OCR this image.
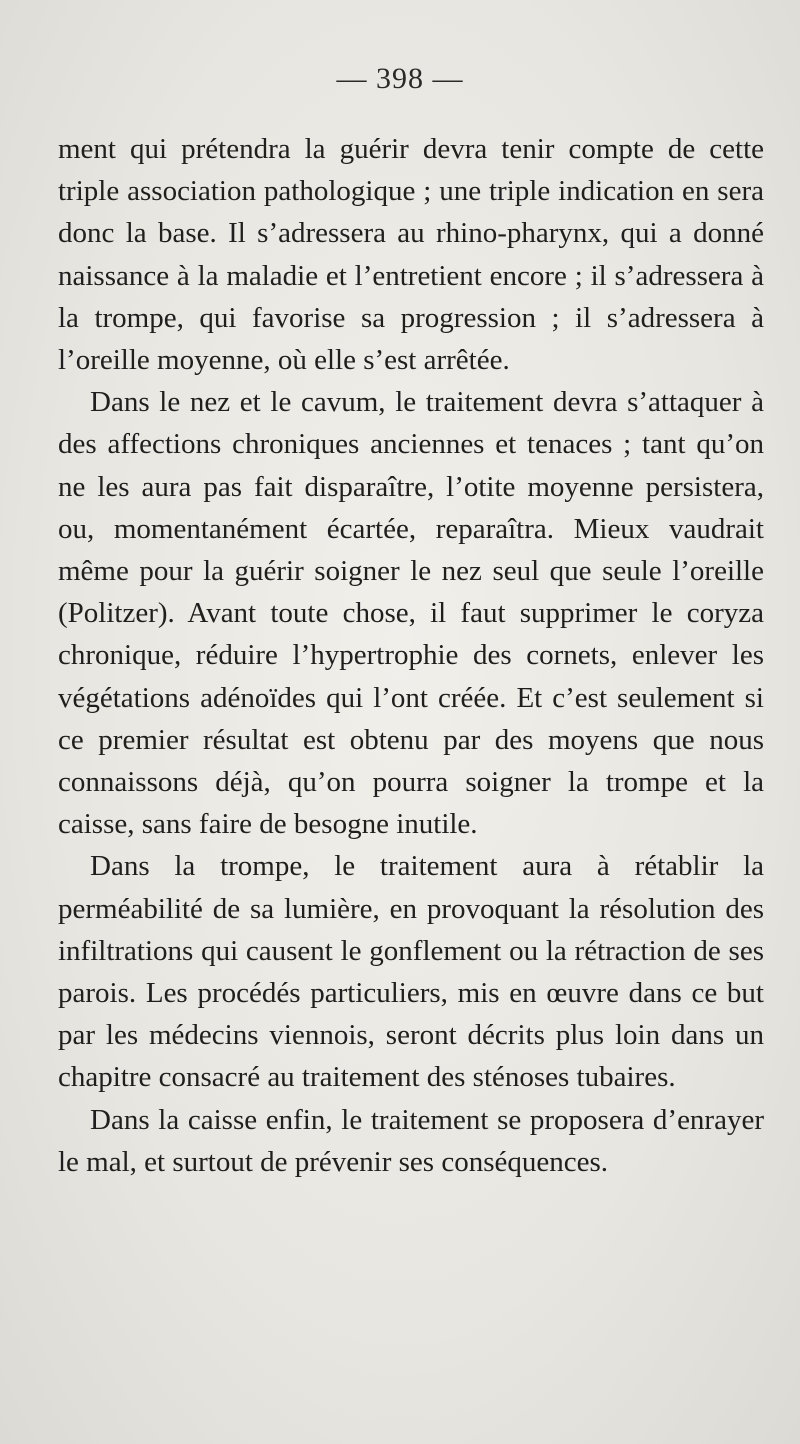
— 398 —

ment qui prétendra la guérir devra tenir compte de cette triple association pathologique ; une triple indication en sera donc la base. Il s’adressera au rhino-pharynx, qui a donné naissance à la maladie et l’entretient encore ; il s’adressera à la trompe, qui favorise sa progression ; il s’adressera à l’oreille moyenne, où elle s’est arrêtée.

Dans le nez et le cavum, le traitement devra s’attaquer à des affections chroniques anciennes et tenaces ; tant qu’on ne les aura pas fait disparaître, l’otite moyenne persistera, ou, momentanément écartée, reparaîtra. Mieux vaudrait même pour la guérir soigner le nez seul que seule l’oreille (Politzer). Avant toute chose, il faut supprimer le coryza chronique, réduire l’hypertrophie des cornets, enlever les végétations adénoïdes qui l’ont créée. Et c’est seulement si ce premier résultat est obtenu par des moyens que nous connaissons déjà, qu’on pourra soigner la trompe et la caisse, sans faire de besogne inutile.

Dans la trompe, le traitement aura à rétablir la perméabilité de sa lumière, en provoquant la résolution des infiltrations qui causent le gonflement ou la rétraction de ses parois. Les procédés particuliers, mis en œuvre dans ce but par les médecins viennois, seront décrits plus loin dans un chapitre consacré au traitement des sténoses tubaires.

Dans la caisse enfin, le traitement se proposera d’enrayer le mal, et surtout de prévenir ses conséquences.
